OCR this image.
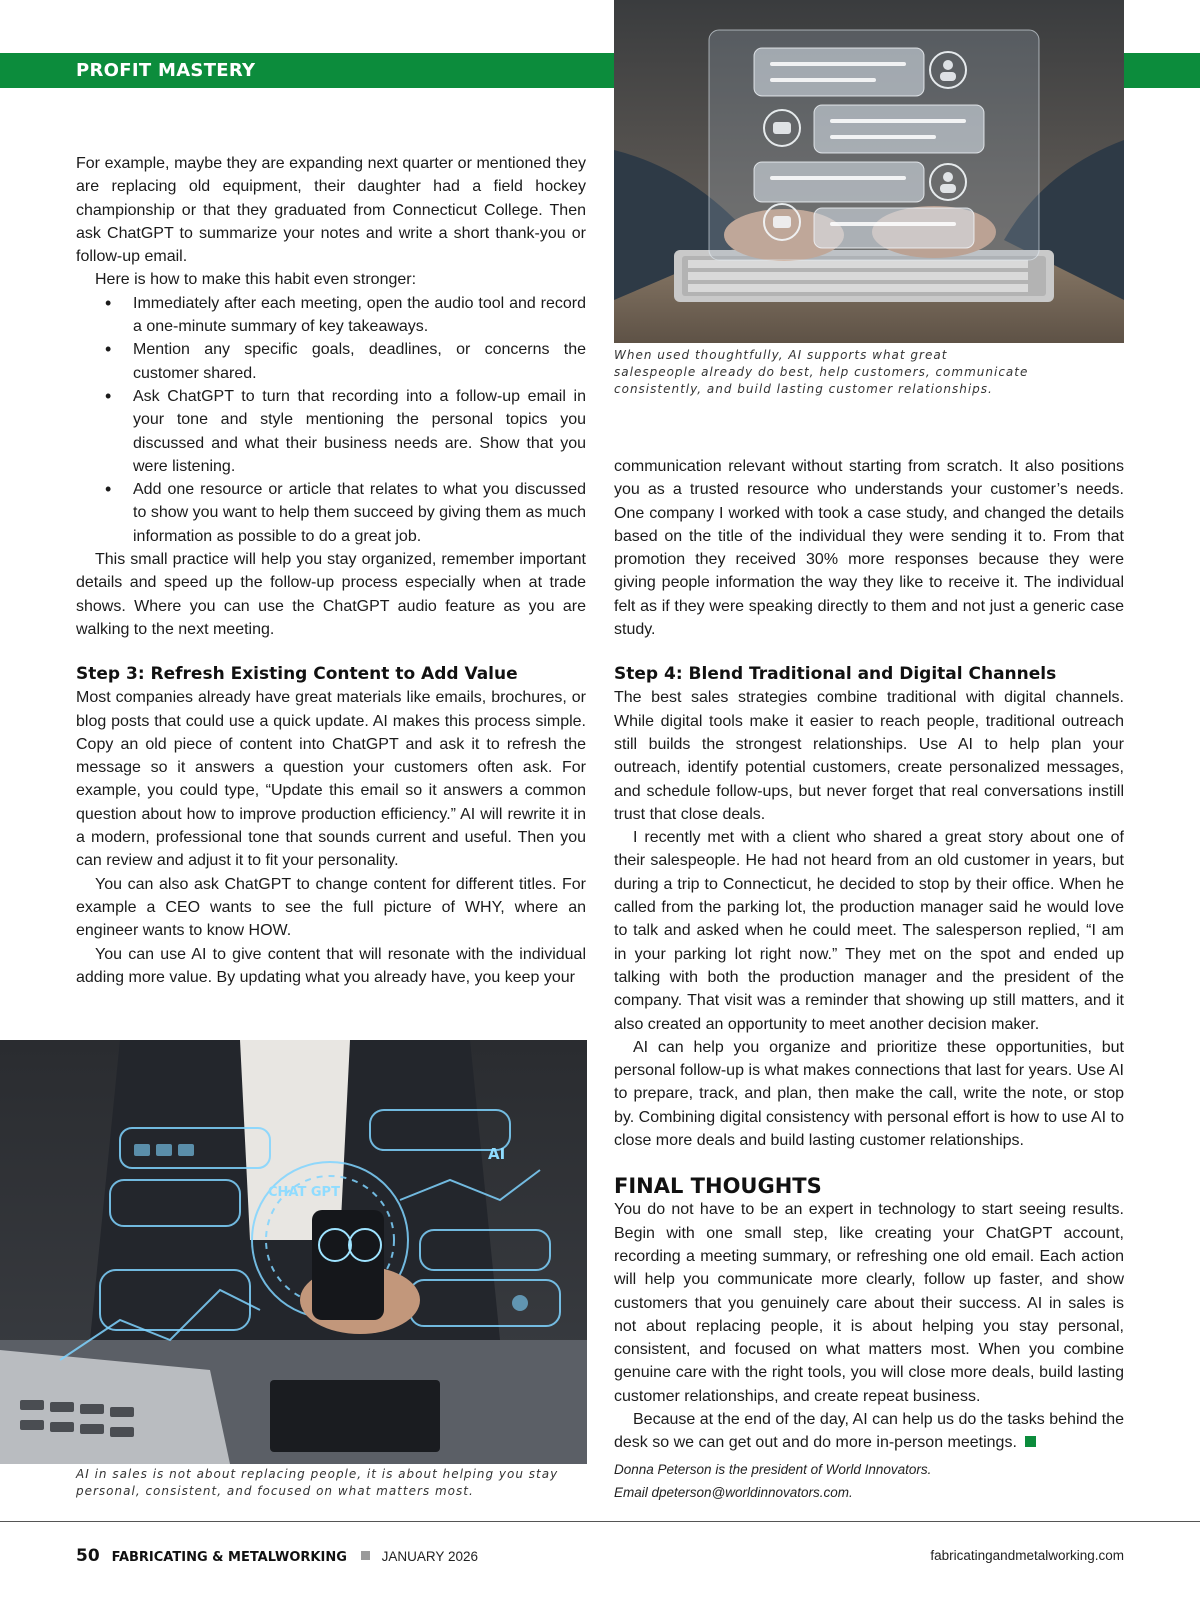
PROFIT MASTERY
When used thoughtfully, AI supports what great salespeople already do best, help customers, communicate consistently, and build lasting customer relationships.

For example, maybe they are expanding next quarter or mentioned they are replacing old equipment, their daughter had a field hockey championship or that they graduated from Connecticut College. Then ask ChatGPT to summarize your notes and write a short thank-you or follow-up email.

Here is how to make this habit even stronger:

• Immediately after each meeting, open the audio tool and record a one-minute summary of key takeaways.
• Mention any specific goals, deadlines, or concerns the customer shared.
• Ask ChatGPT to turn that recording into a follow-up email in your tone and style mentioning the personal topics you discussed and what their business needs are. Show that you were listening.
• Add one resource or article that relates to what you discussed to show you want to help them succeed by giving them as much information as possible to do a great job.

This small practice will help you stay organized, remember important details and speed up the follow-up process especially when at trade shows. Where you can use the ChatGPT audio feature as you are walking to the next meeting.

Step 3: Refresh Existing Content to Add Value

Most companies already have great materials like emails, brochures, or blog posts that could use a quick update. AI makes this process simple. Copy an old piece of content into ChatGPT and ask it to refresh the message so it answers a question your customers often ask. For example, you could type, “Update this email so it answers a common question about how to improve production efficiency.” AI will rewrite it in a modern, professional tone that sounds current and useful. Then you can review and adjust it to fit your personality.

You can also ask ChatGPT to change content for different titles. For example a CEO wants to see the full picture of WHY, where an engineer wants to know HOW.

You can use AI to give content that will resonate with the individual adding more value. By updating what you already have, you keep your

communication relevant without starting from scratch. It also positions you as a trusted resource who understands your customer’s needs. One company I worked with took a case study, and changed the details based on the title of the individual they were sending it to. From that promotion they received 30% more responses because they were giving people information the way they like to receive it. The individual felt as if they were speaking directly to them and not just a generic case study.

Step 4: Blend Traditional and Digital Channels

The best sales strategies combine traditional with digital channels. While digital tools make it easier to reach people, traditional outreach still builds the strongest relationships. Use AI to help plan your outreach, identify potential customers, create personalized messages, and schedule follow-ups, but never forget that real conversations instill trust that close deals.

I recently met with a client who shared a great story about one of their salespeople. He had not heard from an old customer in years, but during a trip to Connecticut, he decided to stop by their office. When he called from the parking lot, the production manager said he would love to talk and asked when he could meet. The salesperson replied, “I am in your parking lot right now.” They met on the spot and ended up talking with both the production manager and the president of the company. That visit was a reminder that showing up still matters, and it also created an opportunity to meet another decision maker.

AI can help you organize and prioritize these opportunities, but personal follow-up is what makes connections that last for years. Use AI to prepare, track, and plan, then make the call, write the note, or stop by. Combining digital consistency with personal effort is how to use AI to close more deals and build lasting customer relationships.

FINAL THOUGHTS

You do not have to be an expert in technology to start seeing results. Begin with one small step, like creating your ChatGPT account, recording a meeting summary, or refreshing one old email. Each action will help you communicate more clearly, follow up faster, and show customers that you genuinely care about their success. AI in sales is not about replacing people, it is about helping you stay personal, consistent, and focused on what matters most. When you combine genuine care with the right tools, you will close more deals, build lasting customer relationships, and create repeat business.

Because at the end of the day, AI can help us do the tasks behind the desk so we can get out and do more in-person meetings.

CHAT GPT
AI
AI in sales is not about replacing people, it is about helping you stay personal, consistent, and focused on what matters most.
Donna Peterson is the president of World Innovators.
Email dpeterson@worldinnovators.com.
50 FABRICATING & METALWORKING	JANUARY 2026	fabricatingandmetalworking.com
